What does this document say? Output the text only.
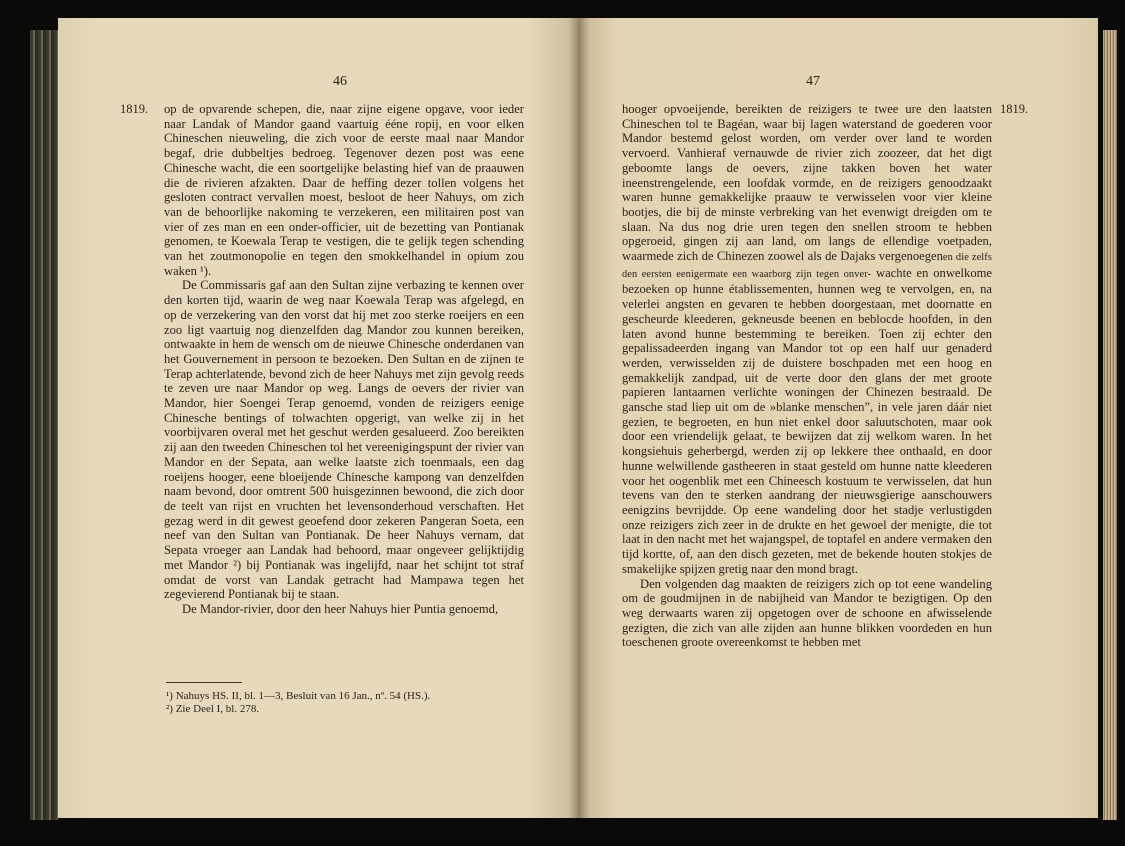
46
1819. op de opvarende schepen, die, naar zijne eigene opgave, voor ieder naar Landak of Mandor gaand vaartuig ééne ropij, en voor elken Chineschen nieuweling, die zich voor de eerste maal naar Mandor begaf, drie dubbeltjes bedroeg. Tegenover dezen post was eene Chinesche wacht, die een soortgelijke belasting hief van de praauwen die de rivieren afzakten. Daar de heffing dezer tollen volgens het gesloten contract vervallen moest, besloot de heer Nahuys, om zich van de behoorlijke nakoming te verzekeren, een militairen post van vier of zes man en een onder-officier, uit de bezetting van Pontianak genomen, te Koewala Terap te vestigen, die te gelijk tegen schending van het zoutmonopolie en tegen den smokkelhandel in opium zou waken ¹).

De Commissaris gaf aan den Sultan zijne verbazing te kennen over den korten tijd, waarin de weg naar Koewala Terap was afgelegd, en op de verzekering van den vorst dat hij met zoo sterke roeijers en een zoo ligt vaartuig nog dienzelfden dag Mandor zou kunnen bereiken, ontwaakte in hem de wensch om de nieuwe Chinesche onderdanen van het Gouvernement in persoon te bezoeken. Den Sultan en de zijnen te Terap achterlatende, bevond zich de heer Nahuys met zijn gevolg reeds te zeven ure naar Mandor op weg. Langs de oevers der rivier van Mandor, hier Soengei Terap genoemd, vonden de reizigers eenige Chinesche bentings of tolwachten opgerigt, van welke zij in het voorbijvaren overal met het geschut werden gesalueerd. Zoo bereikten zij aan den tweeden Chineschen tol het vereenigingspunt der rivier van Mandor en der Sepata, aan welke laatste zich toenmaals, een dag roeijens hooger, eene bloeijende Chinesche kampong van denzelfden naam bevond, door omtrent 500 huisgezinnen bewoond, die zich door de teelt van rijst en vruchten het levensonderhoud verschaften. Het gezag werd in dit gewest geoefend door zekeren Pangeran Soeta, een neef van den Sultan van Pontianak. De heer Nahuys vernam, dat Sepata vroeger aan Landak had behoord, maar ongeveer gelijktijdig met Mandor ²) bij Pontianak was ingelijfd, naar het schijnt tot straf omdat de vorst van Landak getracht had Mampawa tegen het zegevierend Pontianak bij te staan.

De Mandor-rivier, door den heer Nahuys hier Puntia genoemd,

¹) Nahuys HS. II, bl. 1—3, Besluit van 16 Jan., nº. 54 (HS.).
²) Zie Deel I, bl. 278.
47
1819.

hooger opvoeijende, bereikten de reizigers te twee ure den laatsten Chineschen tol te Bagéan, waar bij lagen waterstand de goederen voor Mandor bestemd gelost worden, om verder over land te worden vervoerd. Vanhieraf vernauwde de rivier zich zoozeer, dat het digt geboomte langs de oevers, zijne takken boven het water ineenstrengelende, een loofdak vormde, en de reizigers genoodzaakt waren hunne gemakkelijke praauw te verwisselen voor vier kleine bootjes, die bij de minste verbreking van het evenwigt dreigden om te slaan. Na dus nog drie uren tegen den snellen stroom te hebben opgeroeid, gingen zij aan land, om langs de ellendige voetpaden, waarmede zich de Chinezen zoowel als de Dajaks vergenoegenen die zelfs den eersten eenigermate een waarborg zijn tegen onver- wachte en onwelkome bezoeken op hunne établissementen, hunnen weg te vervolgen, en, na velerlei angsten en gevaren te hebben doorgestaan, met doornatte en gescheurde kleederen, gekneusde beenen en beblocde hoofden, in den laten avond hunne bestemming te bereiken. Toen zij echter den gepalissadeerden ingang van Mandor tot op een half uur genaderd werden, verwisselden zij de duistere boschpaden met een hoog en gemakkelijk zandpad, uit de verte door den glans der met groote papieren lantaarnen verlichte woningen der Chinezen bestraald. De gansche stad liep uit om de »blanke menschen”, in vele jaren dáár niet gezien, te begroeten, en hun niet enkel door saluutschoten, maar ook door een vriendelijk gelaat, te bewijzen dat zij welkom waren. In het kongsiehuis geherbergd, werden zij op lekkere thee onthaald, en door hunne welwillende gastheeren in staat gesteld om hunne natte kleederen voor het oogenblik met een Chineesch kostuum te verwisselen, dat hun tevens van den te sterken aandrang der nieuwsgierige aanschouwers eenigzins bevrijdde. Op eene wandeling door het stadje verlustigden onze reizigers zich zeer in de drukte en het gewoel der menigte, die tot laat in den nacht met het wajangspel, de toptafel en andere vermaken den tijd kortte, of, aan den disch gezeten, met de bekende houten stokjes de smakelijke spijzen gretig naar den mond bragt.

Den volgenden dag maakten de reizigers zich op tot eene wandeling om de goudmijnen in de nabijheid van Mandor te bezigtigen. Op den weg derwaarts waren zij opgetogen over de schoone en afwisselende gezigten, die zich van alle zijden aan hunne blikken voordeden en hun toeschenen groote overeenkomst te hebben met
